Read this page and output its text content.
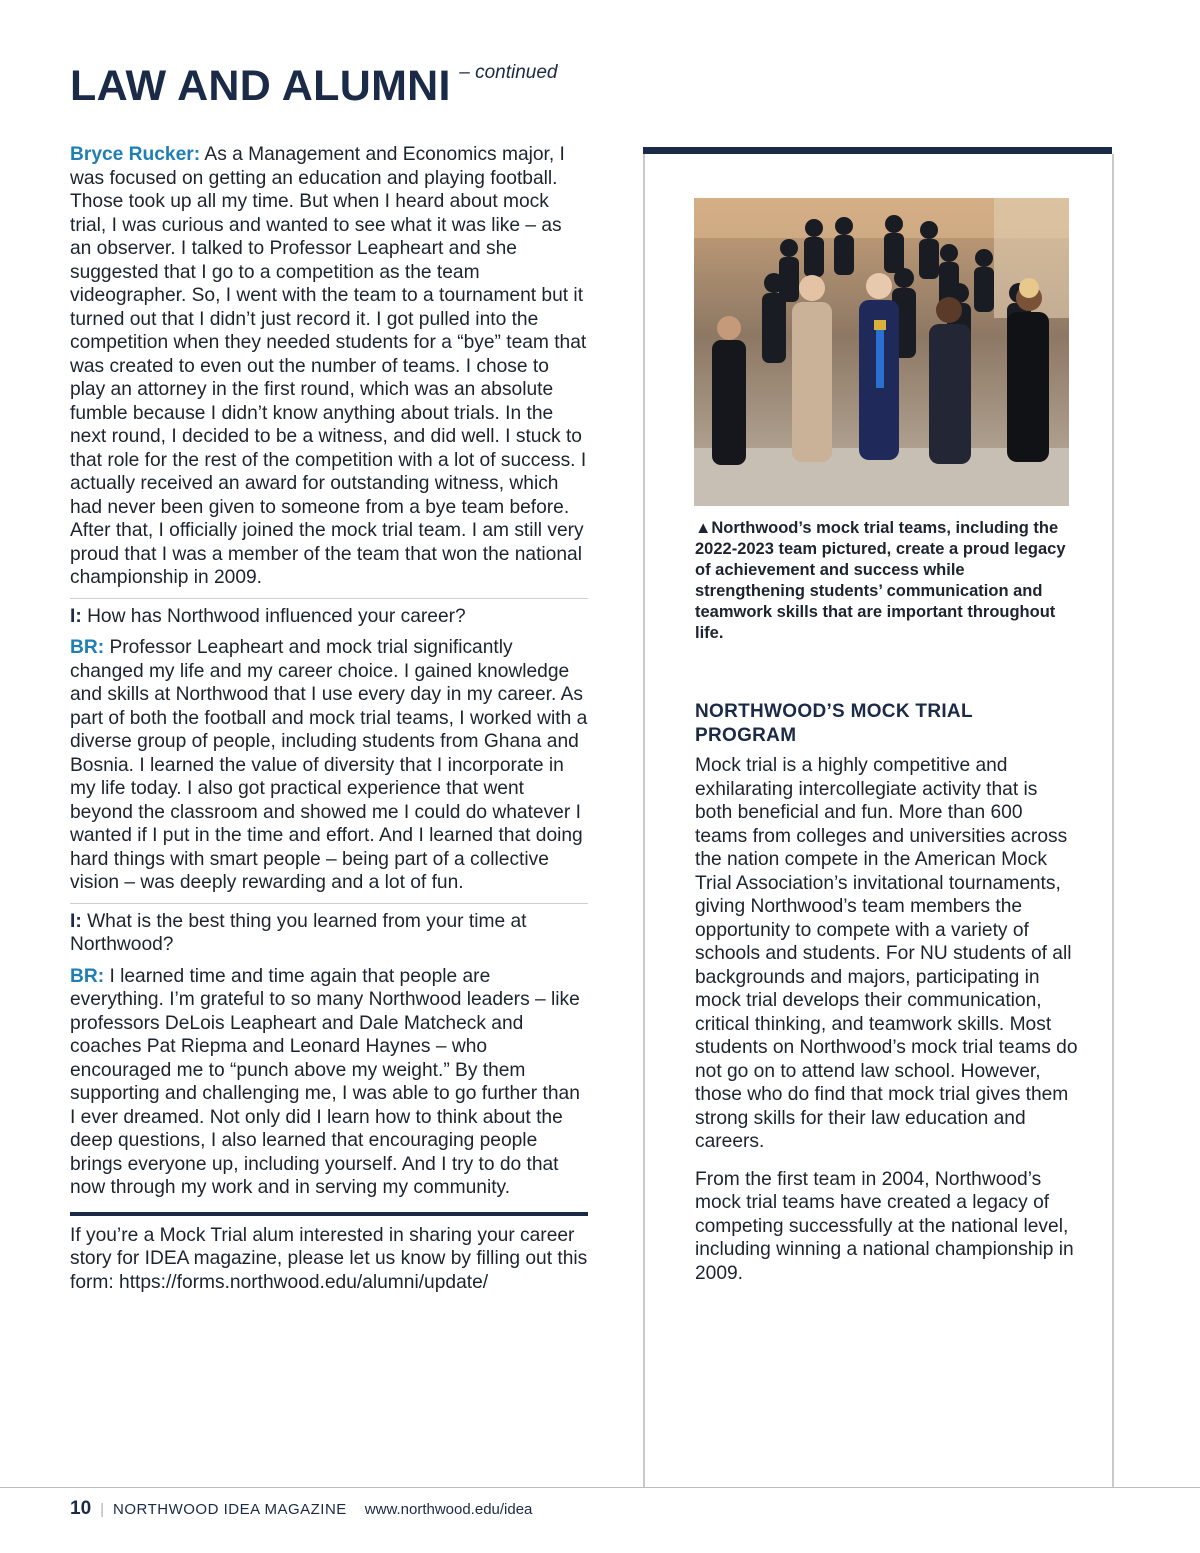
LAW AND ALUMNI – continued

Bryce Rucker: As a Management and Economics major, I was focused on getting an education and playing football. Those took up all my time. But when I heard about mock trial, I was curious and wanted to see what it was like – as an observer. I talked to Professor Leapheart and she suggested that I go to a competition as the team videographer. So, I went with the team to a tournament but it turned out that I didn’t just record it. I got pulled into the competition when they needed students for a “bye” team that was created to even out the number of teams. I chose to play an attorney in the first round, which was an absolute fumble because I didn’t know anything about trials. In the next round, I decided to be a witness, and did well. I stuck to that role for the rest of the competition with a lot of success. I actually received an award for outstanding witness, which had never been given to someone from a bye team before. After that, I officially joined the mock trial team. I am still very proud that I was a member of the team that won the national championship in 2009.

I: How has Northwood influenced your career?

BR: Professor Leapheart and mock trial significantly changed my life and my career choice. I gained knowledge and skills at Northwood that I use every day in my career. As part of both the football and mock trial teams, I worked with a diverse group of people, including students from Ghana and Bosnia. I learned the value of diversity that I incorporate in my life today. I also got practical experience that went beyond the classroom and showed me I could do whatever I wanted if I put in the time and effort. And I learned that doing hard things with smart people – being part of a collective vision – was deeply rewarding and a lot of fun.

I: What is the best thing you learned from your time at Northwood?

BR: I learned time and time again that people are everything. I’m grateful to so many Northwood leaders – like professors DeLois Leapheart and Dale Matcheck and coaches Pat Riepma and Leonard Haynes – who encouraged me to “punch above my weight.” By them supporting and challenging me, I was able to go further than I ever dreamed. Not only did I learn how to think about the deep questions, I also learned that encouraging people brings everyone up, including yourself. And I try to do that now through my work and in serving my community.

If you’re a Mock Trial alum interested in sharing your career story for IDEA magazine, please let us know by filling out this form: https://forms.northwood.edu/alumni/update/

▲Northwood’s mock trial teams, including the 2022-2023 team pictured, create a proud legacy of achievement and success while strengthening students’ communication and teamwork skills that are important throughout life.
NORTHWOOD’S MOCK TRIAL PROGRAM

Mock trial is a highly competitive and exhilarating intercollegiate activity that is both beneficial and fun. More than 600 teams from colleges and universities across the nation compete in the American Mock Trial Association’s invitational tournaments, giving Northwood’s team members the opportunity to compete with a variety of schools and students. For NU students of all backgrounds and majors, participating in mock trial develops their communication, critical thinking, and teamwork skills. Most students on Northwood’s mock trial teams do not go on to attend law school. However, those who do find that mock trial gives them strong skills for their law education and careers.

From the first team in 2004, Northwood’s mock trial teams have created a legacy of competing successfully at the national level, including winning a national championship in 2009.

10 | NORTHWOOD IDEA MAGAZINE www.northwood.edu/idea
